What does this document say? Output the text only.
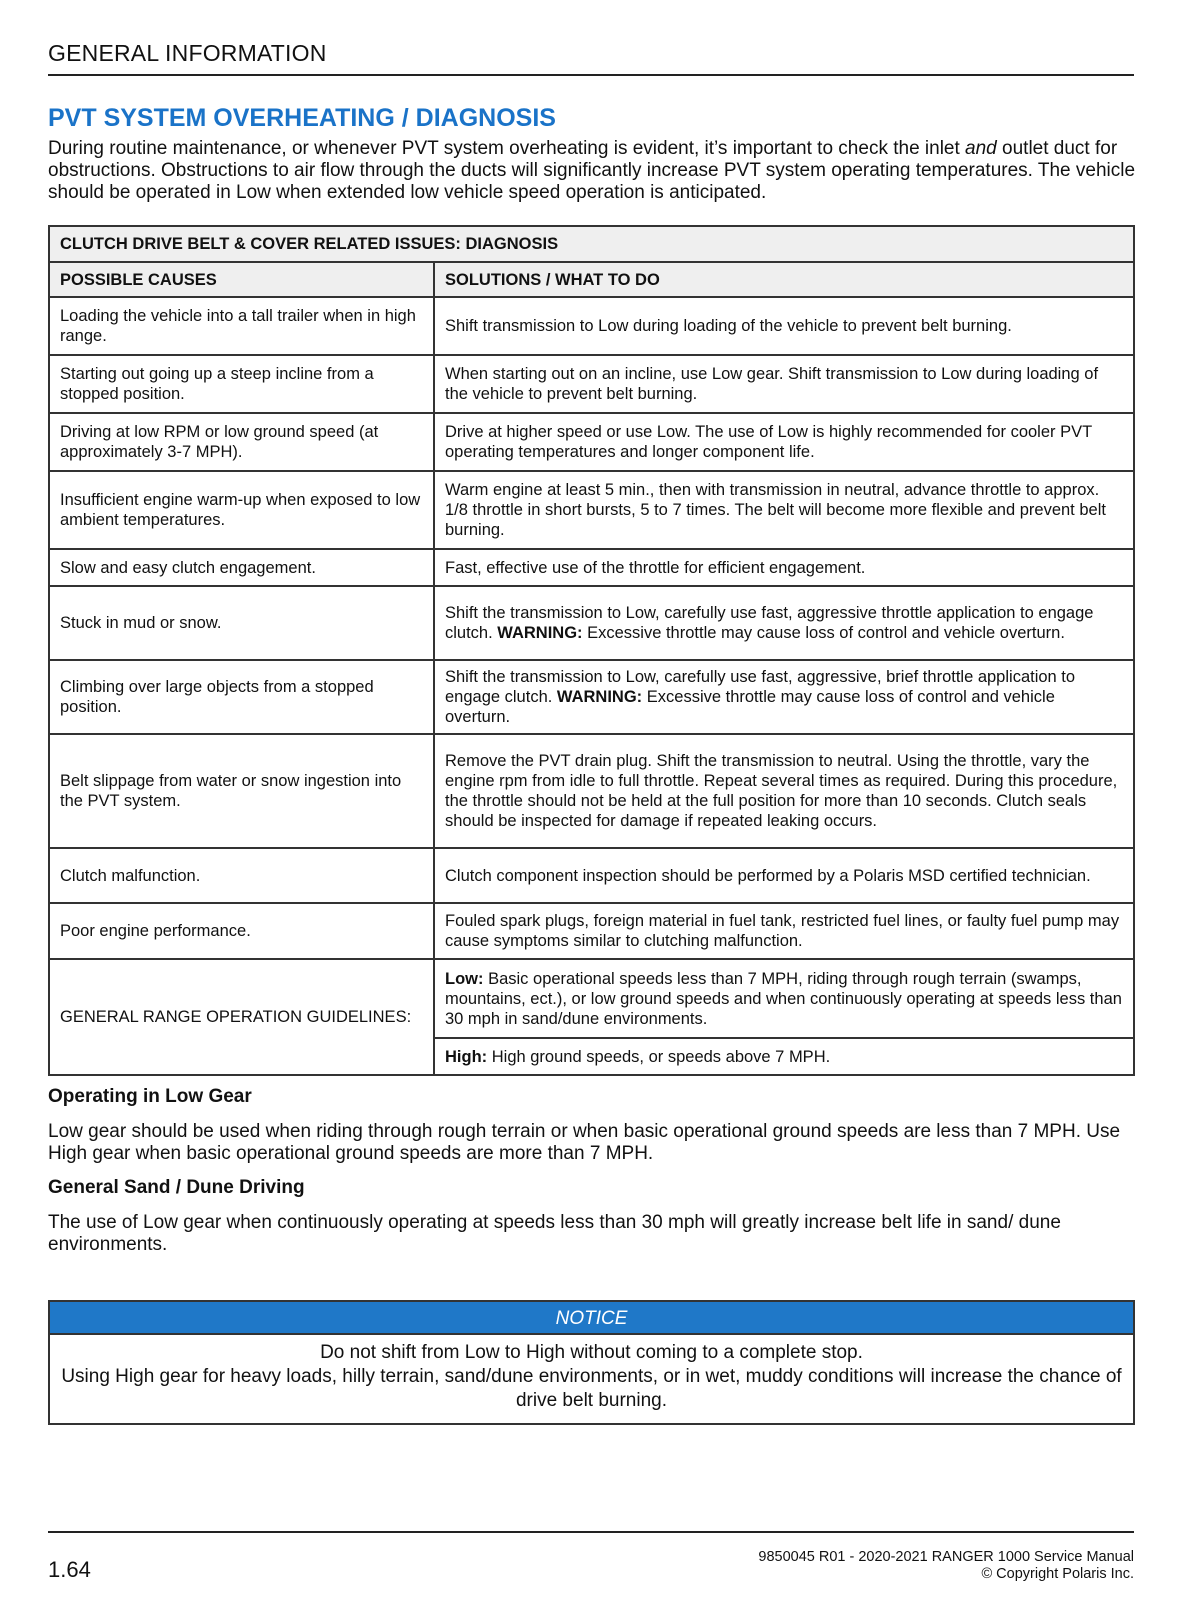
GENERAL INFORMATION
PVT SYSTEM OVERHEATING / DIAGNOSIS
During routine maintenance, or whenever PVT system overheating is evident, it’s important to check the inlet and outlet duct for obstructions. Obstructions to air flow through the ducts will significantly increase PVT system operating temperatures. The vehicle should be operated in Low when extended low vehicle speed operation is anticipated.
CLUTCH DRIVE BELT & COVER RELATED ISSUES: DIAGNOSIS	
POSSIBLE CAUSES	SOLUTIONS / WHAT TO DO
Loading the vehicle into a tall trailer when in high range.	Shift transmission to Low during loading of the vehicle to prevent belt burning.
Starting out going up a steep incline from a stopped position.	When starting out on an incline, use Low gear. Shift transmission to Low during loading of the vehicle to prevent belt burning.
Driving at low RPM or low ground speed (at approximately 3-7 MPH).	Drive at higher speed or use Low. The use of Low is highly recommended for cooler PVT operating temperatures and longer component life.
Insufficient engine warm-up when exposed to low ambient temperatures.	Warm engine at least 5 min., then with transmission in neutral, advance throttle to approx. 1/8 throttle in short bursts, 5 to 7 times. The belt will become more flexible and prevent belt burning.
Slow and easy clutch engagement.	Fast, effective use of the throttle for efficient engagement.
Stuck in mud or snow.	Shift the transmission to Low, carefully use fast, aggressive throttle application to engage clutch. WARNING: Excessive throttle may cause loss of control and vehicle overturn.
Climbing over large objects from a stopped position.	Shift the transmission to Low, carefully use fast, aggressive, brief throttle application to engage clutch. WARNING: Excessive throttle may cause loss of control and vehicle overturn.
Belt slippage from water or snow ingestion into the PVT system.	Remove the PVT drain plug. Shift the transmission to neutral. Using the throttle, vary the engine rpm from idle to full throttle. Repeat several times as required. During this procedure, the throttle should not be held at the full position for more than 10 seconds. Clutch seals should be inspected for damage if repeated leaking occurs.
Clutch malfunction.	Clutch component inspection should be performed by a Polaris MSD certified technician.
Poor engine performance.	Fouled spark plugs, foreign material in fuel tank, restricted fuel lines, or faulty fuel pump may cause symptoms similar to clutching malfunction.
GENERAL RANGE OPERATION GUIDELINES:	Low: Basic operational speeds less than 7 MPH, riding through rough terrain (swamps, mountains, ect.), or low ground speeds and when continuously operating at speeds less than 30 mph in sand/dune environments.
	High: High ground speeds, or speeds above 7 MPH.
Operating in Low Gear
Low gear should be used when riding through rough terrain or when basic operational ground speeds are less than 7 MPH. Use High gear when basic operational ground speeds are more than 7 MPH.
General Sand / Dune Driving
The use of Low gear when continuously operating at speeds less than 30 mph will greatly increase belt life in sand/ dune environments.
NOTICE
Do not shift from Low to High without coming to a complete stop.
Using High gear for heavy loads, hilly terrain, sand/dune environments, or in wet, muddy conditions will increase the chance of drive belt burning.
1.64	9850045 R01 - 2020-2021 RANGER 1000 Service Manual
© Copyright Polaris Inc.
